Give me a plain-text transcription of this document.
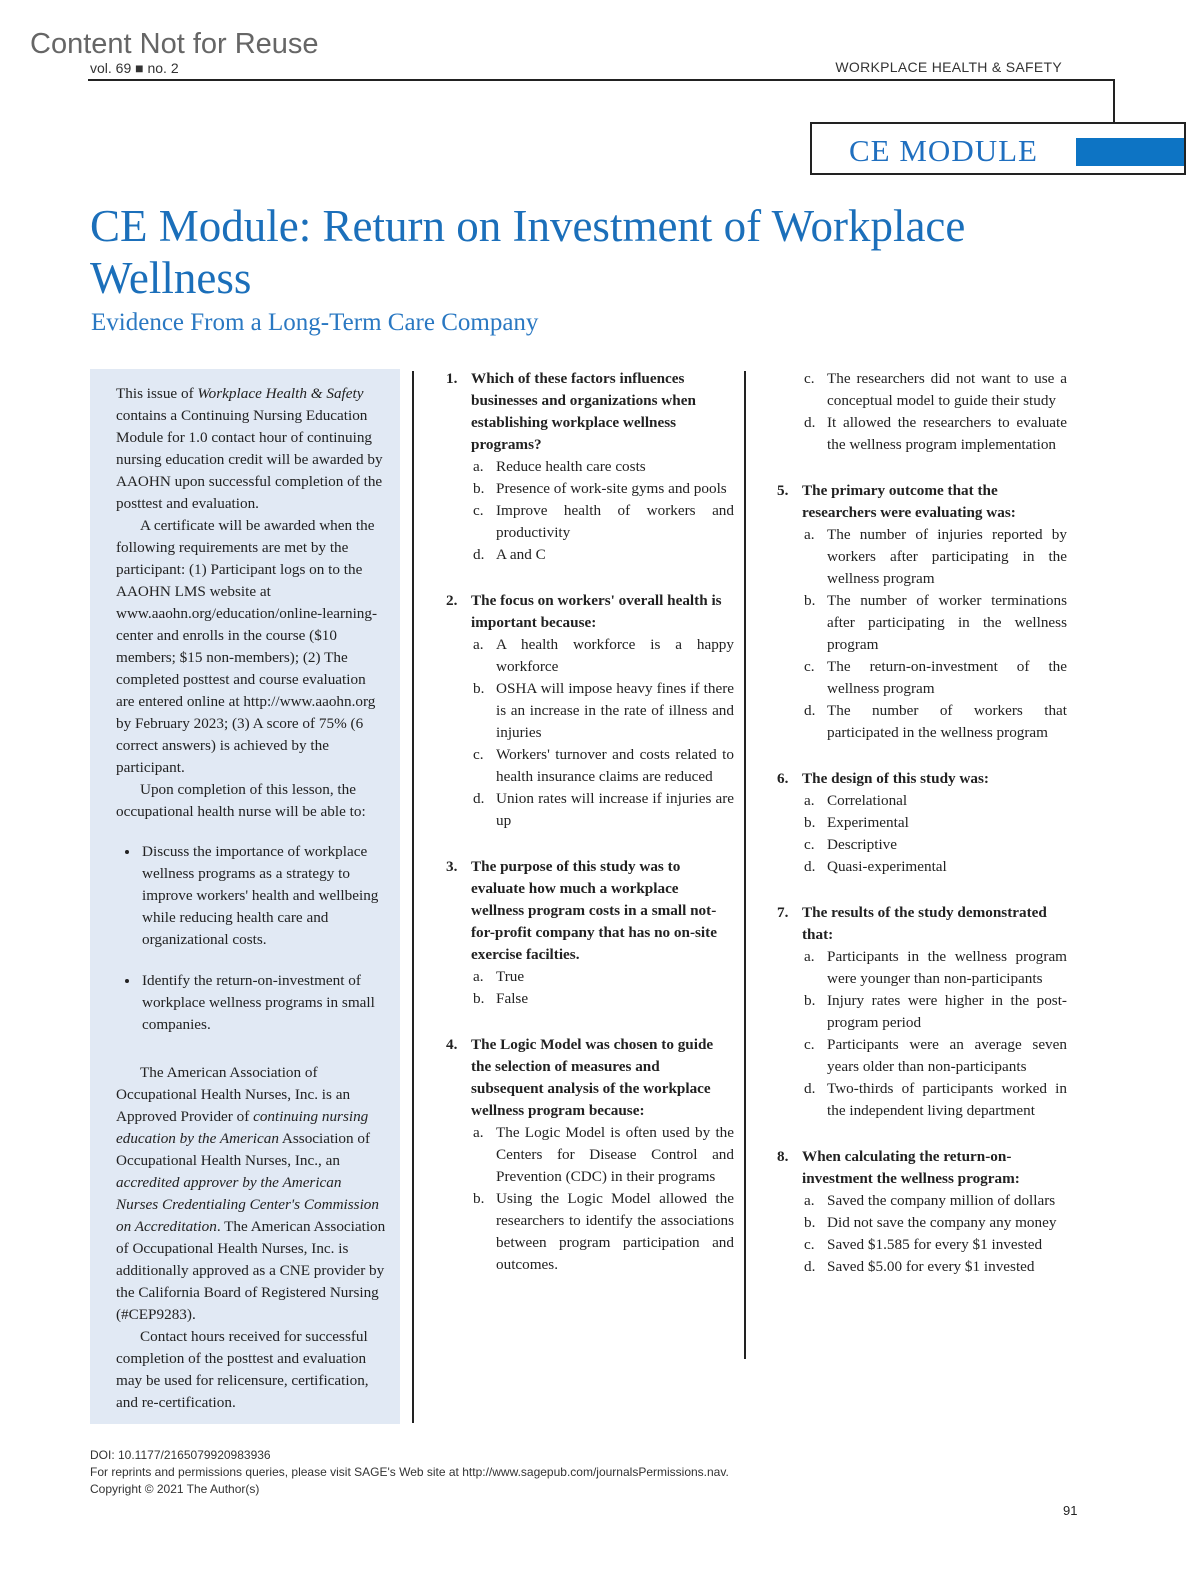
Content Not for Reuse
vol. 69 ■ no. 2	WORKPLACE HEALTH & SAFETY
CE MODULE
CE Module: Return on Investment of Workplace Wellness
Evidence From a Long-Term Care Company

This issue of Workplace Health & Safety contains a Continuing Nursing Education Module for 1.0 contact hour of continuing nursing education credit will be awarded by AAOHN upon successful completion of the posttest and evaluation.

A certificate will be awarded when the following requirements are met by the participant: (1) Participant logs on to the AAOHN LMS website at www.aaohn.org/education/online-learning-center and enrolls in the course ($10 members; $15 non-members); (2) The completed posttest and course evaluation are entered online at http://www.aaohn.org by February 2023; (3) A score of 75% (6 correct answers) is achieved by the participant.

Upon completion of this lesson, the occupational health nurse will be able to:

• Discuss the importance of workplace wellness programs as a strategy to improve workers' health and wellbeing while reducing health care and organizational costs.
• Identify the return-on-investment of workplace wellness programs in small companies.

The American Association of Occupational Health Nurses, Inc. is an Approved Provider of continuing nursing education by the American Association of Occupational Health Nurses, Inc., an accredited approver by the American Nurses Credentialing Center's Commission on Accreditation. The American Association of Occupational Health Nurses, Inc. is additionally approved as a CNE provider by the California Board of Registered Nursing (#CEP9283).

Contact hours received for successful completion of the posttest and evaluation may be used for relicensure, certification, and re-certification.

1. Which of these factors influences businesses and organizations when establishing workplace wellness programs?
a. Reduce health care costs
b. Presence of work-site gyms and pools
c. Improve health of workers and productivity
d. A and C
2. The focus on workers' overall health is important because:
a. A health workforce is a happy workforce
b. OSHA will impose heavy fines if there is an increase in the rate of illness and injuries
c. Workers' turnover and costs related to health insurance claims are reduced
d. Union rates will increase if injuries are up
3. The purpose of this study was to evaluate how much a workplace wellness program costs in a small not-for-profit company that has no on-site exercise facilties.
a. True
b. False
4. The Logic Model was chosen to guide the selection of measures and subsequent analysis of the workplace wellness program because:
a. The Logic Model is often used by the Centers for Disease Control and Prevention (CDC) in their programs
b. Using the Logic Model allowed the researchers to identify the associations between program participation and outcomes.
c. The researchers did not want to use a conceptual model to guide their study
d. It allowed the researchers to evaluate the wellness program implementation
5. The primary outcome that the researchers were evaluating was:
a. The number of injuries reported by workers after participating in the wellness program
b. The number of worker terminations after participating in the wellness program
c. The return-on-investment of the wellness program
d. The number of workers that participated in the wellness program
6. The design of this study was:
a. Correlational
b. Experimental
c. Descriptive
d. Quasi-experimental
7. The results of the study demonstrated that:
a. Participants in the wellness program were younger than non-participants
b. Injury rates were higher in the post-program period
c. Participants were an average seven years older than non-participants
d. Two-thirds of participants worked in the independent living department
8. When calculating the return-on-investment the wellness program:
a. Saved the company million of dollars
b. Did not save the company any money
c. Saved $1.585 for every $1 invested
d. Saved $5.00 for every $1 invested
DOI: 10.1177/2165079920983936
For reprints and permissions queries, please visit SAGE's Web site at http://www.sagepub.com/journalsPermissions.nav.
Copyright © 2021 The Author(s)
91
